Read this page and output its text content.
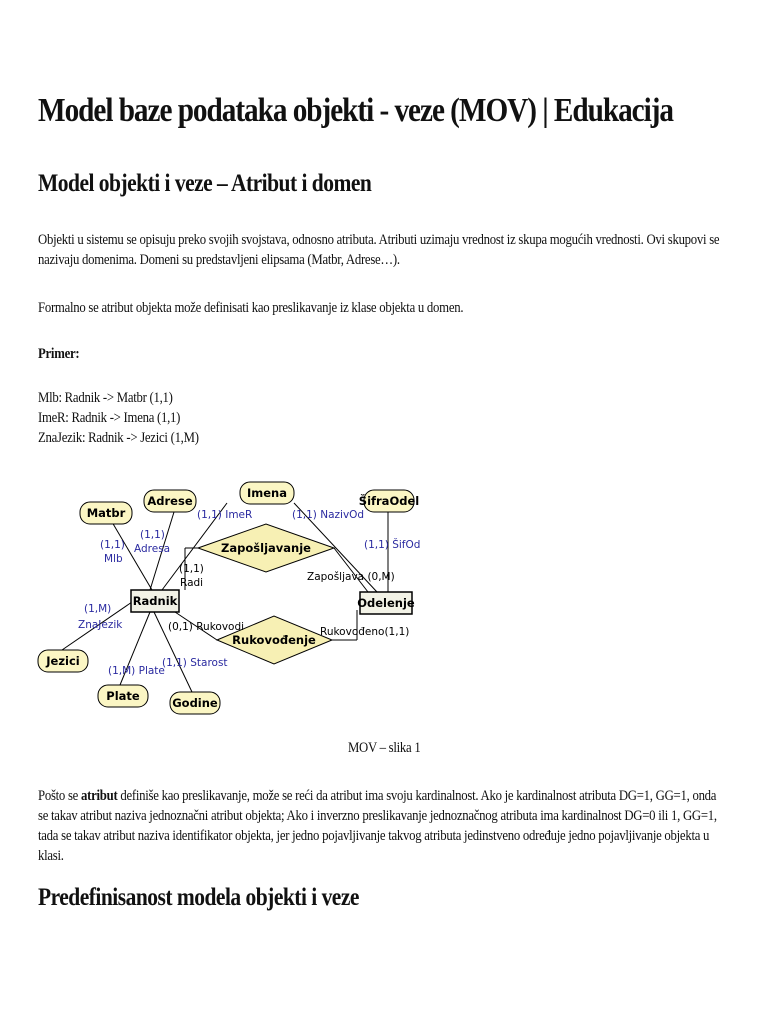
Model baze podataka objekti - veze (MOV) | Edukacija
Model objekti i veze – Atribut i domen

Objekti u sistemu se opisuju preko svojih svojstava, odnosno atributa. Atributi uzimaju vrednost iz skupa mogućih vrednosti. Ovi skupovi se nazivaju domenima. Domeni su predstavljeni elipsama (Matbr, Adrese…).

Formalno se atribut objekta može definisati kao preslikavanje iz klase objekta u domen.

Primer:

Mlb: Radnik -> Matbr (1,1)
ImeR: Radnik -> Imena (1,1)
ZnaJezik: Radnik -> Jezici (1,M)
Matbr
Adrese
Imena
ŠifraOdel
Jezici
Plate	Godine
Zapošljavanje
Rukovođenje
Radnik	Odelenje
(1,1)
Mlb
(1,1)
Adresa
(1,1) ImeR	(1,1) NazivOd
(1,1) ŠifOd
(1,M)
ZnaJezik
(1,M) Plate
(1,1) Starost
(1,1)
Radi	Zapošljava (0,M)
(0,1) Rukovodi	Rukovođeno(1,1)
MOV – slika 1

Pošto se atribut definiše kao preslikavanje, može se reći da atribut ima svoju kardinalnost. Ako je kardinalnost atributa DG=1, GG=1, onda se takav atribut naziva jednoznačni atribut objekta; Ako i inverzno preslikavanje jednoznačnog atributa ima kardinalnost DG=0 ili 1, GG=1, tada se takav atribut naziva identifikator objekta, jer jedno pojavljivanje takvog atributa jedinstveno određuje jedno pojavljivanje objekta u klasi.

Predefinisanost modela objekti i veze
